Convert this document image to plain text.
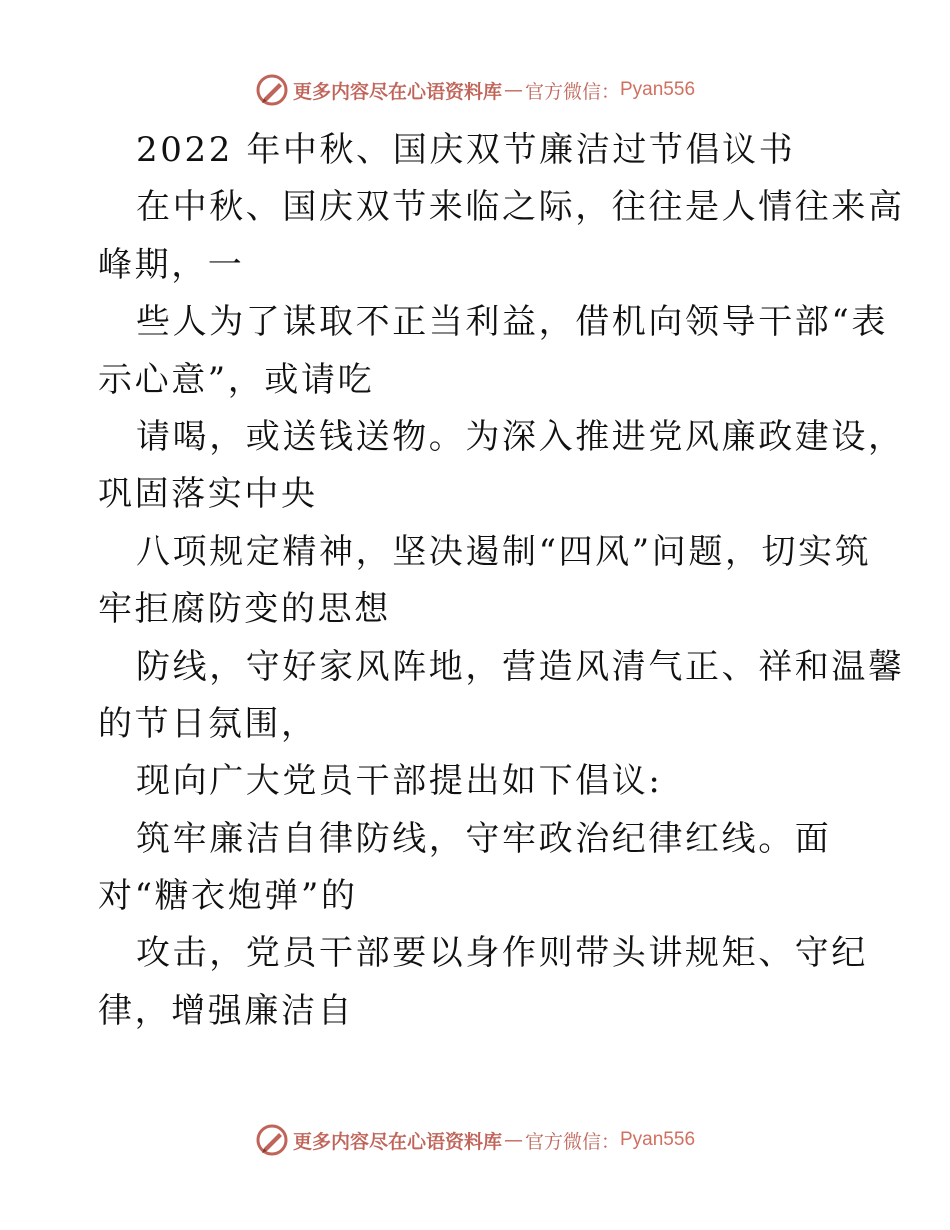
更多内容尽在心语资料库 — 官方微信： Pyan556
2022 年中秋、国庆双节廉洁过节倡议书
在中秋、国庆双节来临之际，往往是人情往来高
峰期，一
些人为了谋取不正当利益，借机向领导干部“表
示心意”，或请吃
请喝，或送钱送物。为深入推进党风廉政建设，
巩固落实中央
八项规定精神，坚决遏制“四风”问题，切实筑
牢拒腐防变的思想
防线，守好家风阵地，营造风清气正、祥和温馨
的节日氛围，
现向广大党员干部提出如下倡议:
筑牢廉洁自律防线，守牢政治纪律红线。面
对“糖衣炮弹”的
攻击，党员干部要以身作则带头讲规矩、守纪
律，增强廉洁自
更多内容尽在心语资料库 — 官方微信： Pyan556
